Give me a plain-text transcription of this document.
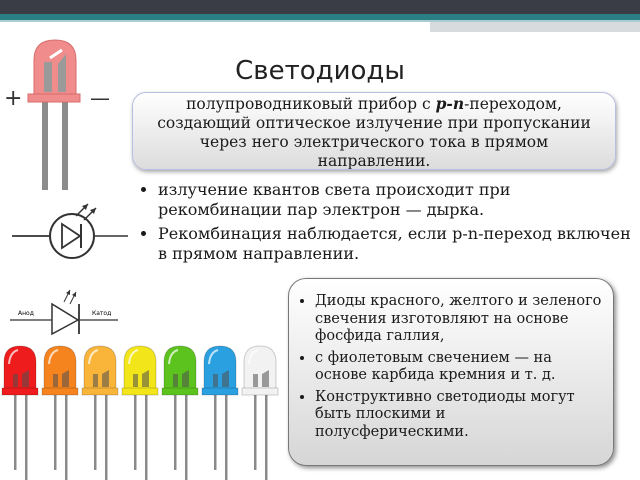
+	—
Светодиоды
полупроводниковый прибор с p-n-переходом, создающий оптическое излучение при пропускании через него электрического тока в прямом направлении.
Анод	Катод
• излучение квантов света происходит при рекомбинации пар электрон — дырка.
• Рекомбинация наблюдается, если p-n-переход включен в прямом направлении.
• Диоды красного, желтого и зеленого свечения изготовляют на основе фосфида галлия,
• с фиолетовым свечением — на основе карбида кремния и т. д.
• Конструктивно светодиоды могут быть плоскими и полусферическими.
